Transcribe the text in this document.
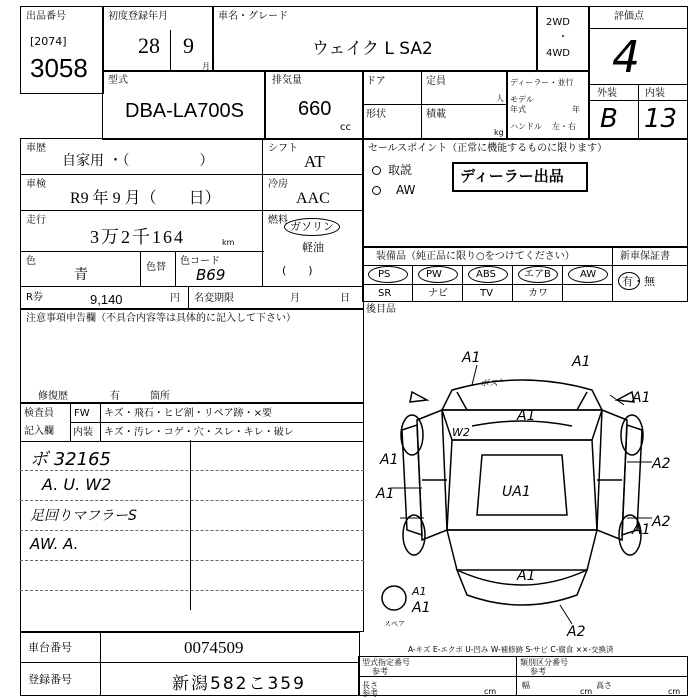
出品番号
[2074]
3058
初度登録年月
28 9
月
車名・グレード
ウェイク L SA2
2WD
・
4WD
評価点
4
外装	内装
B 13
型式
DBA-LA700S
排気量
660
cc
ドア	定員
人
形状	積載
kg
ディーラー・並行
モデル
年式	年
ハンドル 左・右
車歴
自家用 ・（　　　　　）
シフト
AT
車検
R9 年 9 月（　　日）
冷房
AAC
走行
3万2千164	km
燃料 ガソリン
軽油
(　　)
色
青	色替
色コード
B69
R券	9,140	円 名変期限	月	日
セールスポイント（正常に機能するものに限ります）
取説
AW
ディーラー出品
装備品（純正品に限り○をつけてください）
PS	PW	ABS	エアB	AW
SR	ナビ	TV	カワ
新車保証書
有・無
後目品
注意事項申告欄（不具合内容等は具体的に記入して下さい）
修復歴	有	箇所
検査員
記入欄
FW キズ・飛石・ヒビ割・リペア跡・×要
内装 キズ・汚レ・コゲ・穴・スレ・キレ・破レ
ボ 32165
A. U. W2
足回りマフラーS
AW. A.
車台番号	0074509
登録番号	新潟582こ359
A-キズ E-エクボ U-凹み W-補修跡 S-サビ C-腐食 ××-交換済
型式指定番号
参考
類別区分番号
参考
長さ
参考	cm
幅
cm
高さ
cm
A1	A1
A1
A1
A2
A1
A2
UA1
A1
A1
A2
A1
A1
W2
A1
ボス゛
スペア
